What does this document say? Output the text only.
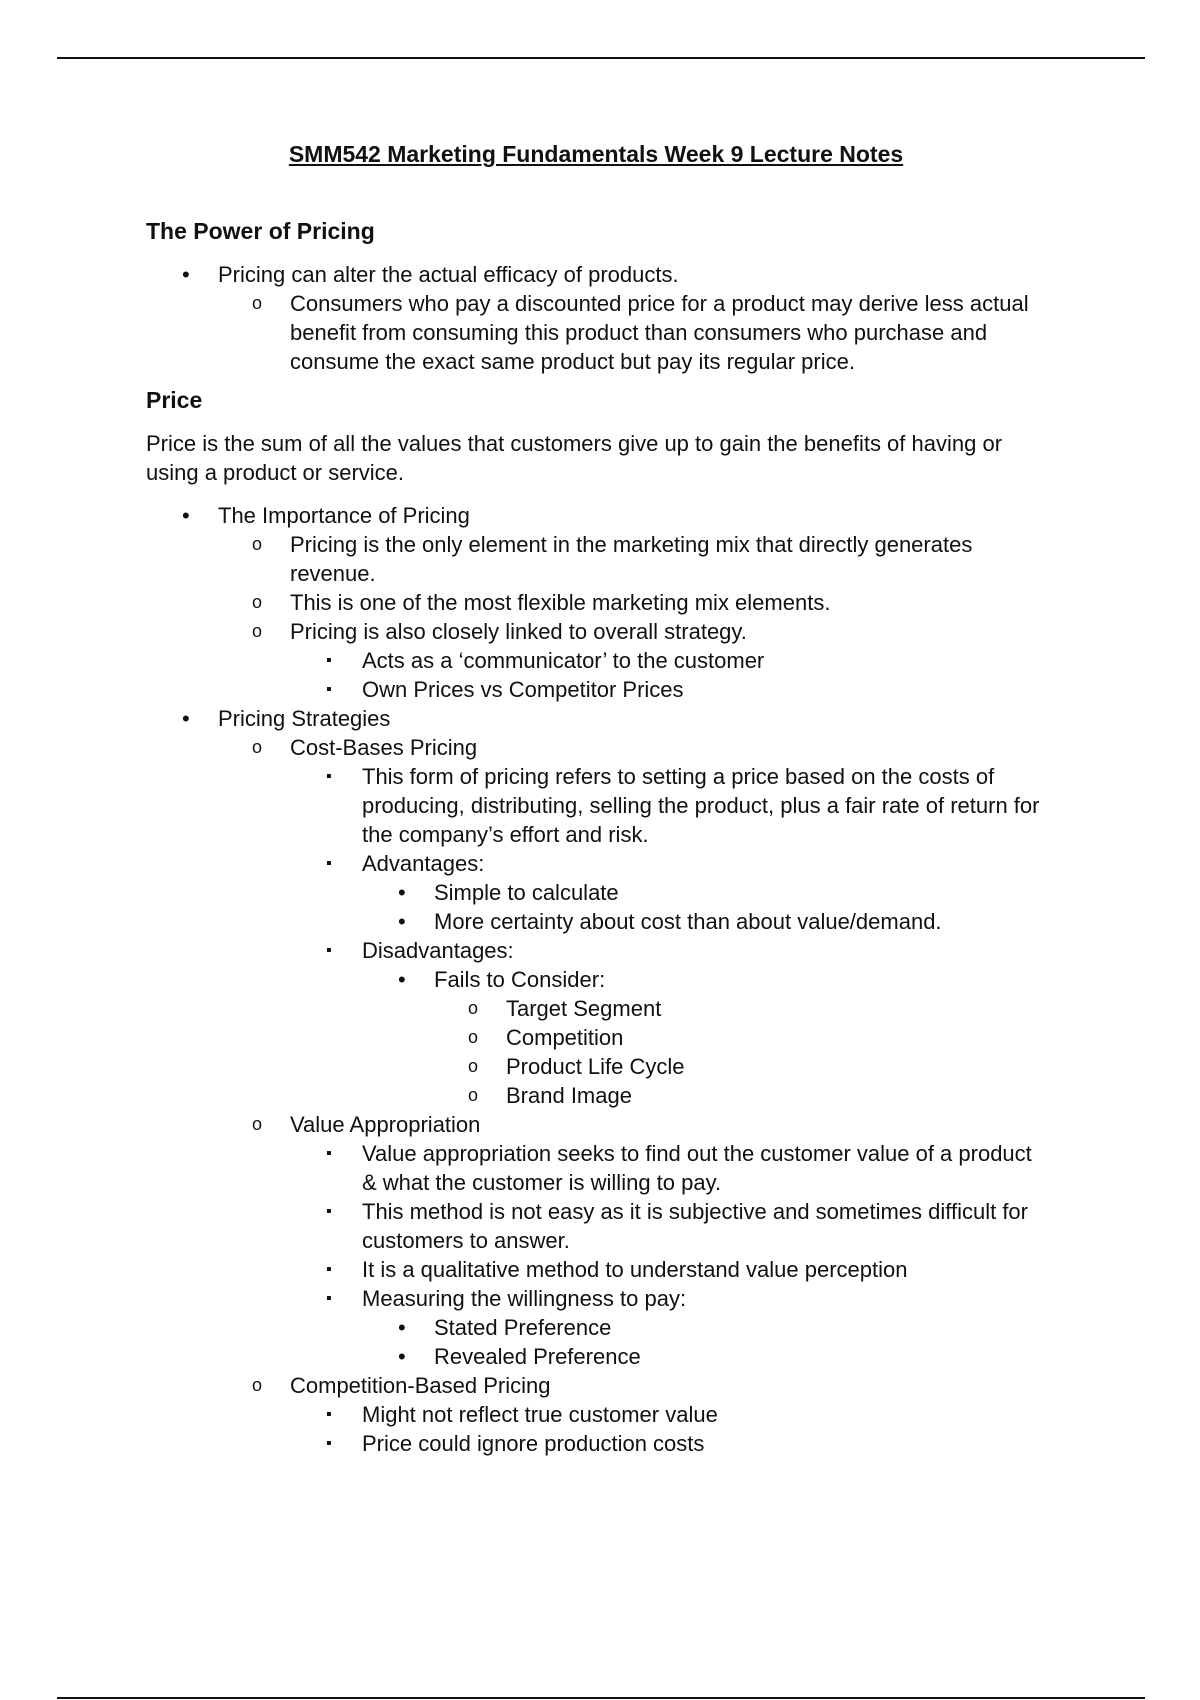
SMM542 Marketing Fundamentals Week 9 Lecture Notes
The Power of Pricing
• Pricing can alter the actual efficacy of products.
o Consumers who pay a discounted price for a product may derive less actual benefit from consuming this product than consumers who purchase and consume the exact same product but pay its regular price.
Price

Price is the sum of all the values that customers give up to gain the benefits of having or using a product or service.

• The Importance of Pricing
o Pricing is the only element in the marketing mix that directly generates revenue.
o This is one of the most flexible marketing mix elements.
o Pricing is also closely linked to overall strategy.
▪ Acts as a ‘communicator’ to the customer
▪ Own Prices vs Competitor Prices
• Pricing Strategies
o Cost-Bases Pricing
▪ This form of pricing refers to setting a price based on the costs of producing, distributing, selling the product, plus a fair rate of return for the company’s effort and risk.
▪ Advantages:
• Simple to calculate
• More certainty about cost than about value/demand.
▪ Disadvantages:
• Fails to Consider:
o Target Segment
o Competition
o Product Life Cycle
o Brand Image
o Value Appropriation
▪ Value appropriation seeks to find out the customer value of a product & what the customer is willing to pay.
▪ This method is not easy as it is subjective and sometimes difficult for customers to answer.
▪ It is a qualitative method to understand value perception
▪ Measuring the willingness to pay:
• Stated Preference
• Revealed Preference
o Competition-Based Pricing
▪ Might not reflect true customer value
▪ Price could ignore production costs
